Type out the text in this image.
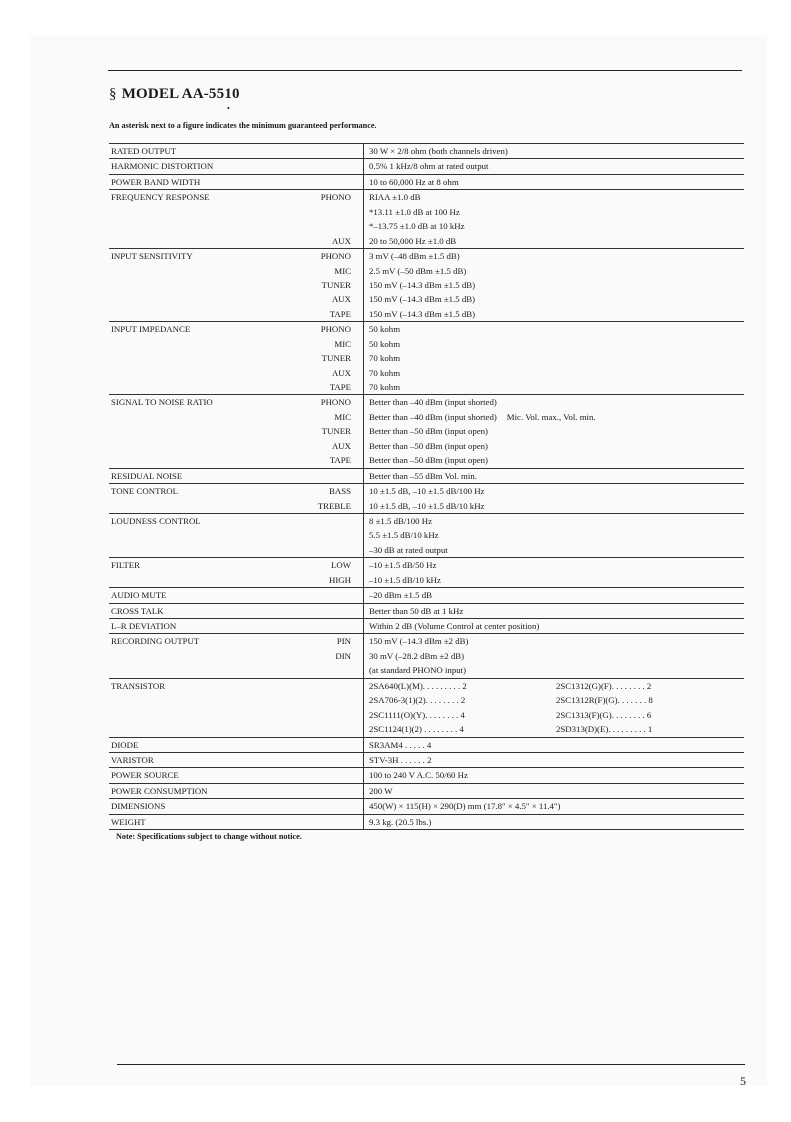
§ MODEL AA-5510
•

An asterisk next to a figure indicates the minimum guaranteed performance.

RATED OUTPUT	30 W × 2/8 ohm (both channels driven)
HARMONIC DISTORTION	0.5% 1 kHz/8 ohm at rated output
POWER BAND WIDTH	10 to 60,000 Hz at 8 ohm
FREQUENCY RESPONSE	PHONO	RIAA ±1.0 dB
*13.11 ±1.0 dB at 100 Hz
*–13.75 ±1.0 dB at 10 kHz
AUX	20 to 50,000 Hz ±1.0 dB
INPUT SENSITIVITY	PHONO	3 mV (–48 dBm ±1.5 dB)
MIC	2.5 mV (–50 dBm ±1.5 dB)
TUNER	150 mV (–14.3 dBm ±1.5 dB)
AUX	150 mV (–14.3 dBm ±1.5 dB)
TAPE	150 mV (–14.3 dBm ±1.5 dB)
INPUT IMPEDANCE	PHONO	50 kohm
MIC	50 kohm
TUNER	70 kohm
AUX	70 kohm
TAPE	70 kohm
SIGNAL TO NOISE RATIO	PHONO	Better than –40 dBm (input shorted)
MIC	Better than –40 dBm (input shorted) Mic. Vol. max., Vol. min.
TUNER	Better than –50 dBm (input open)
AUX	Better than –50 dBm (input open)
TAPE	Better than –50 dBm (input open)
RESIDUAL NOISE	Better than –55 dBm Vol. min.
TONE CONTROL	BASS	10 ±1.5 dB, –10 ±1.5 dB/100 Hz
TREBLE	10 ±1.5 dB, –10 ±1.5 dB/10 kHz
LOUDNESS CONTROL	8 ±1.5 dB/100 Hz
5.5 ±1.5 dB/10 kHz
–30 dB at rated output
FILTER	LOW	–10 ±1.5 dB/50 Hz
HIGH	–10 ±1.5 dB/10 kHz
AUDIO MUTE	–20 dBm ±1.5 dB
CROSS TALK	Better than 50 dB at 1 kHz
L–R DEVIATION	Within 2 dB (Volume Control at center position)
RECORDING OUTPUT	PIN	150 mV (–14.3 dBm ±2 dB)
DIN	30 mV (–28.2 dBm ±2 dB)
(at standard PHONO input)
TRANSISTOR	2SA640(L)(M). . . . . . . . . 2	2SC1312(G)(F). . . . . . . . 2
2SA706-3(1)(2). . . . . . . . 2	2SC1312R(F)(G). . . . . . . 8
2SC1111(O)(Y). . . . . . . . 4	2SC1313(F)(G). . . . . . . . 6
2SC1124(1)(2) . . . . . . . . 4	2SD313(D)(E). . . . . . . . . 1
DIODE	SR3AM4 . . . . . 4
VARISTOR	STV-3H . . . . . . 2
POWER SOURCE	100 to 240 V A.C. 50/60 Hz
POWER CONSUMPTION	200 W
DIMENSIONS	450(W) × 115(H) × 290(D) mm (17.8" × 4.5" × 11.4")
WEIGHT	9.3 kg. (20.5 lbs.)

Note: Specifications subject to change without notice.

5
